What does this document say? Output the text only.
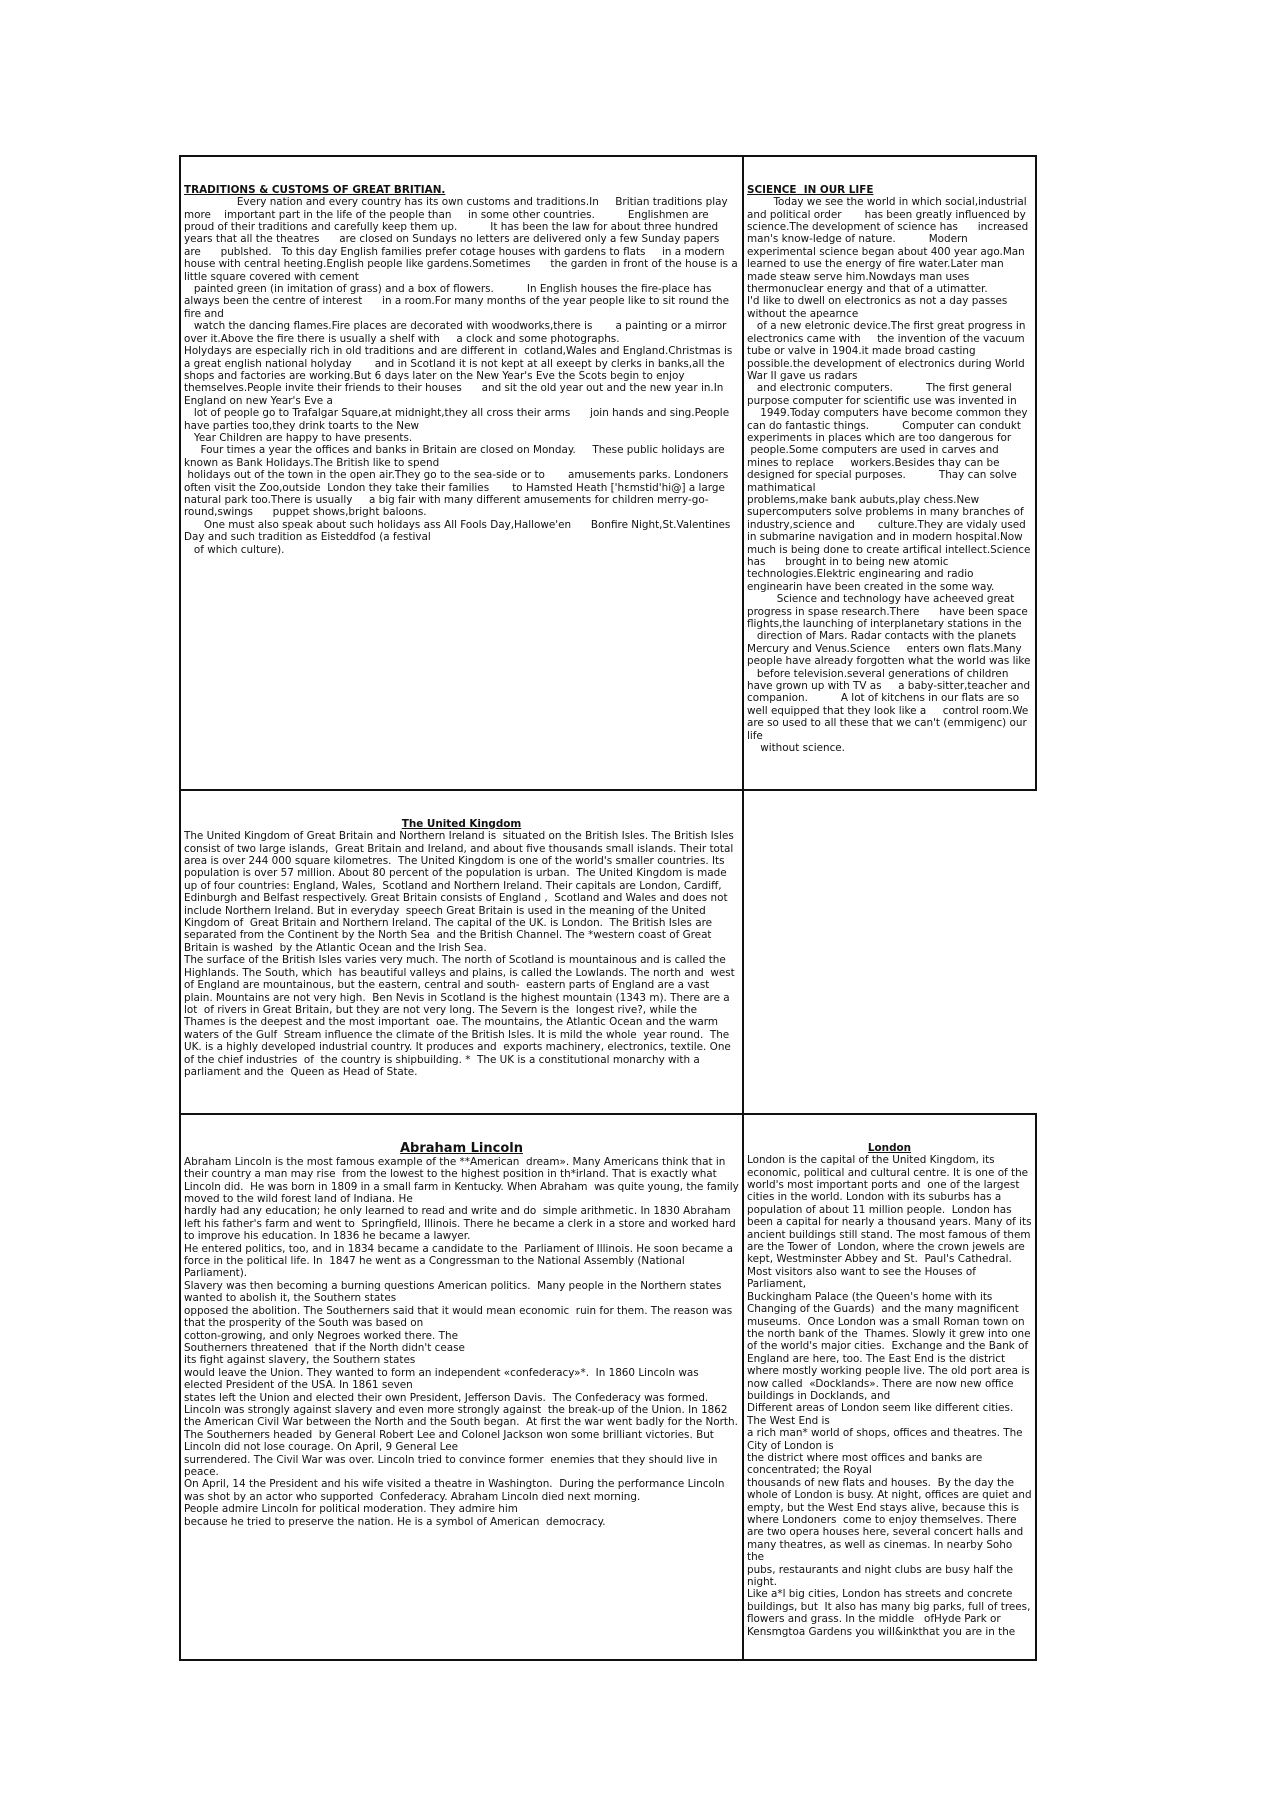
TRADITIONS & CUSTOMS OF GREAT BRITIAN.
Every nation and every country has its own customs and traditions.In     Britian traditions play more    important part in the life of the people than     in some other countries.          Englishmen are proud of their traditions and carefully keep them up.          It has been the law for about three hundred years that all the theatres      are closed on Sundays no letters are delivered only a few Sunday papers are      publshed.   To this day English families prefer cotage houses with gardens to flats     in a modern house with central heeting.English people like gardens.Sometimes      the garden in front of the house is a little square covered with cement
painted green (in imitation of grass) and a box of flowers.          In English houses the fire-place has always been the centre of interest      in a room.For many months of the year people like to sit round the fire and
watch the dancing flames.Fire places are decorated with woodworks,there is       a painting or a mirror over it.Above the fire there is usually a shelf with     a clock and some photographs.
Holydays are especially rich in old traditions and are different in  cotland,Wales and England.Christmas is a great english national holyday       and in Scotland it is not kept at all exeept by clerks in banks,all the      shops and factories are working.But 6 days later on the New Year's Eve the Scots begin to enjoy themselves.People invite their friends to their houses      and sit the old year out and the new year in.In England on new Year's Eve a
lot of people go to Trafalgar Square,at midnight,they all cross their arms      join hands and sing.People have parties too,they drink toarts to the New
Year Children are happy to have presents.
Four times a year the offices and banks in Britain are closed on Monday.     These public holidays are known as Bank Holidays.The British like to spend
holidays out of the town in the open air.They go to the sea-side or to       amusements parks. Londoners often visit the Zoo,outside  London they take their families       to Hamsted Heath ['hεmstid'hi@] a large natural park too.There is usually     a big fair with many different amusements for children merry-go-round,swings      puppet shows,bright baloons.
One must also speak about such holidays ass All Fools Day,Hallowe'en      Bonfire Night,St.Valentines Day and such tradition as Eisteddfod (a festival
of which culture).

SCIENCE  IN OUR LIFE
Today we see the world in which social,industrial and political order       has been greatly influenced by science.The development of science has      increased man's know-ledge of nature.          Modern experimental science began about 400 year ago.Man learned to use the energy of fire water.Later man made steaw serve him.Nowdays man uses      thermonuclear energy and that of a utimatter.          I'd like to dwell on electronics as not a day passes without the apearnce
of a new eletronic device.The first great progress in electronics came with     the invention of the vacuum tube or valve in 1904.it made broad casting possible.the development of electronics during World War II gave us radars
and electronic computers.          The first general purpose computer for scientific use was invented in
1949.Today computers have become common they can do fantastic things.          Computer can condukt experiments in places which are too dangerous for
people.Some computers are used in carves and mines to replace     workers.Besides thay can be designed for special purposes.          Thay can solve mathimatical
problems,make bank aubuts,play chess.New supercomputers solve problems in many branches of industry,science and       culture.They are vidaly used in submarine navigation and in modern hospital.Now much is being done to create artifical intellect.Science has      brought in to being new atomic technologies.Elektric enginearing and radio enginearin have been created in the some way.
Science and technology have acheeved great progress in spase research.There      have been space flights,the launching of interplanetary stations in the
direction of Mars. Radar contacts with the planets Mercury and Venus.Science     enters own flats.Many people have already forgotten what the world was like
before television.several generations of children have grown up with TV as     a baby-sitter,teacher and companion.          A lot of kitchens in our flats are so well equipped that they look like a     control room.We are so used to all these that we can't (emmigenc) our life
without science.

The United Kingdom
The United Kingdom of Great Britain and Northern Ireland is  situated on the British Isles. The British Isles consist of two large islands,  Great Britain and Ireland, and about five thousands small islands. Their total area is over 244 000 square kilometres.  The United Kingdom is one of the world's smaller countries. Its  population is over 57 million. About 80 percent of the population is urban.  The United Kingdom is made up of four countries: England, Wales,  Scotland and Northern Ireland. Their capitals are London, Cardiff,  Edinburgh and Belfast respectively. Great Britain consists of England ,  Scotland and Wales and does not include Northern Ireland. But in everyday  speech Great Britain is used in the meaning of the United Kingdom of  Great Britain and Northern Ireland. The capital of the UK. is London.  The British Isles are separated from the Continent by the North Sea  and the British Channel. The *western coast of Great Britain is washed  by the Atlantic Ocean and the Irish Sea.
The surface of the British Isles varies very much. The north of Scotland is mountainous and is called the Highlands. The South, which  has beautiful valleys and plains, is called the Lowlands. The north and  west of England are mountainous, but the eastern, central and south-  eastern parts of England are a vast plain. Mountains are not very high.  Ben Nevis in Scotland is the highest mountain (1343 m). There are a lot  of rivers in Great Britain, but they are not very long. The Severn is the  longest rive?, while the Thames is the deepest and the most important  oae. The mountains, the Atlantic Ocean and the warm waters of the Gulf  Stream influence the climate of the British Isles. It is mild the whole  year round.  The UK. is a highly developed industrial country. It produces and  exports machinery, electronics, textile. One of the chief industries  of  the country is shipbuilding. *  The UK is a constitutional monarchy with a parliament and the  Queen as Head of State.

Abraham Lincoln
Abraham Lincoln is the most famous example of the **American  dream». Many Americans think that in their country a man may rise  from the lowest to the highest position in th*irland. That is exactly what Lincoln did.  He was born in 1809 in a small farm in Kentucky. When Abraham  was quite young, the family moved to the wild forest land of Indiana. He
hardly had any education; he only learned to read and write and do  simple arithmetic. In 1830 Abraham left his father's farm and went to  Springfield, Illinois. There he became a clerk in a store and worked hard   to improve his education. In 1836 he became a lawyer.
He entered politics, too, and in 1834 became a candidate to the  Parliament of Illinois. He soon became a force in the political life. In  1847 he went as a Congressman to the National Assembly (National  Parliament).
Slavery was then becoming a burning questions American politics.  Many people in the Northern states wanted to abolish it, the Southern states
opposed the abolition. The Southerners said that it would mean economic  ruin for them. The reason was that the prosperity of the South was based on
cotton-growing, and only Negroes worked there. The
Southerners threatened  that if the North didn't cease
its fight against slavery, the Southern states
would leave the Union. They wanted to form an independent «confederacy»*.  In 1860 Lincoln was elected President of the USA. In 1861 seven
states left the Union and elected their own President, Jefferson Davis.  The Confederacy was formed. Lincoln was strongly against slavery and even more strongly against  the break-up of the Union. In 1862 the American Civil War between the North and the South began.  At first the war went badly for the North. The Southerners headed  by General Robert Lee and Colonel Jackson won some brilliant victories. But Lincoln did not lose courage. On April, 9 General Lee
surrendered. The Civil War was over. Lincoln tried to convince former  enemies that they should live in peace.
On April, 14 the President and his wife visited a theatre in Washington.  During the performance Lincoln was shot by an actor who supported  Confederacy. Abraham Lincoln died next morning.
People admire Lincoln for political moderation. They admire him
because he tried to preserve the nation. He is a symbol of American  democracy.

London
London is the capital of the United Kingdom, its economic, political and cultural centre. It is one of the world's most important ports and  one of the largest cities in the world. London with its suburbs has a
population of about 11 million people.  London has been a capital for nearly a thousand years. Many of its
ancient buildings still stand. The most famous of them are the Tower of  London, where the crown jewels are kept, Westminster Abbey and St.  Paul's Cathedral. Most visitors also want to see the Houses of Parliament,
Buckingham Palace (the Queen's home with its Changing of the Guards)  and the many magnificent museums.  Once London was a small Roman town on the north bank of the  Thames. Slowly it grew into one of the world's major cities.  Exchange and the Bank of England are here, too. The East End is the district where mostly working people live. The old port area is now called  «Docklands». There are now new office buildings in Docklands, and
Different areas of London seem like different cities. The West End is
a rich man* world of shops, offices and theatres. The City of London is
the district where most offices and banks are concentrated; the Royal
thousands of new flats and houses.  By the day the whole of London is busy. At night, offices are quiet and empty, but the West End stays alive, because this is where Londoners  come to enjoy themselves. There are two opera houses here, several concert halls and many theatres, as well as cinemas. In nearby Soho the
pubs, restaurants and night clubs are busy half the night.
Like a*l big cities, London has streets and concrete buildings, but  It also has many big parks, full of trees, flowers and grass. In the middle   ofHyde Park or Kensmgtoa Gardens you will&inkthat you are in the
